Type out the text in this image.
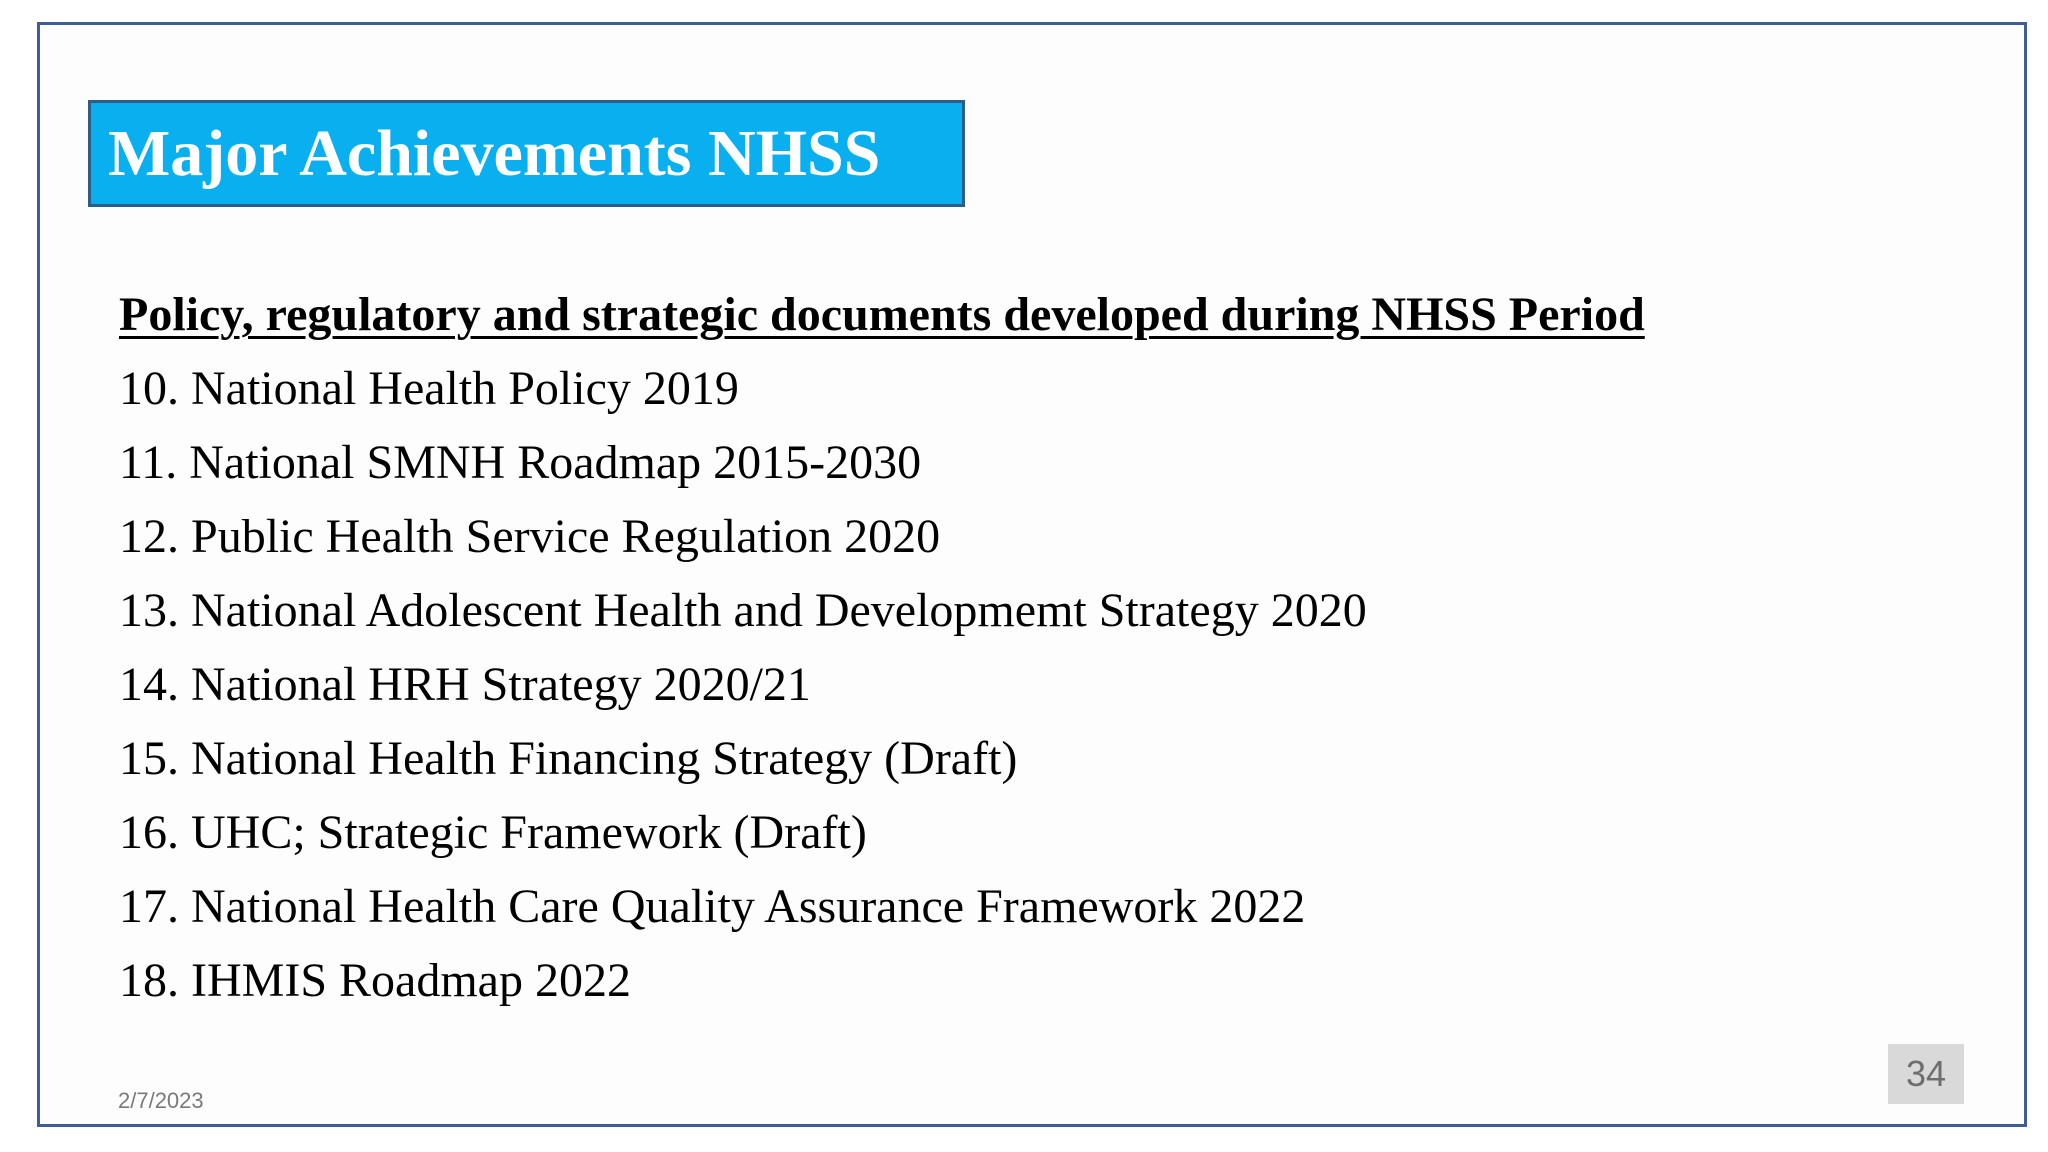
Major Achievements NHSS
Policy, regulatory and strategic documents developed during NHSS Period
10. National Health Policy 2019
11. National SMNH Roadmap 2015-2030
12. Public Health Service Regulation 2020
13. National Adolescent Health and Developmemt Strategy 2020
14. National HRH Strategy 2020/21
15. National Health Financing Strategy (Draft)
16. UHC; Strategic Framework (Draft)
17. National Health Care Quality Assurance Framework 2022
18. IHMIS Roadmap 2022
2/7/2023
34
